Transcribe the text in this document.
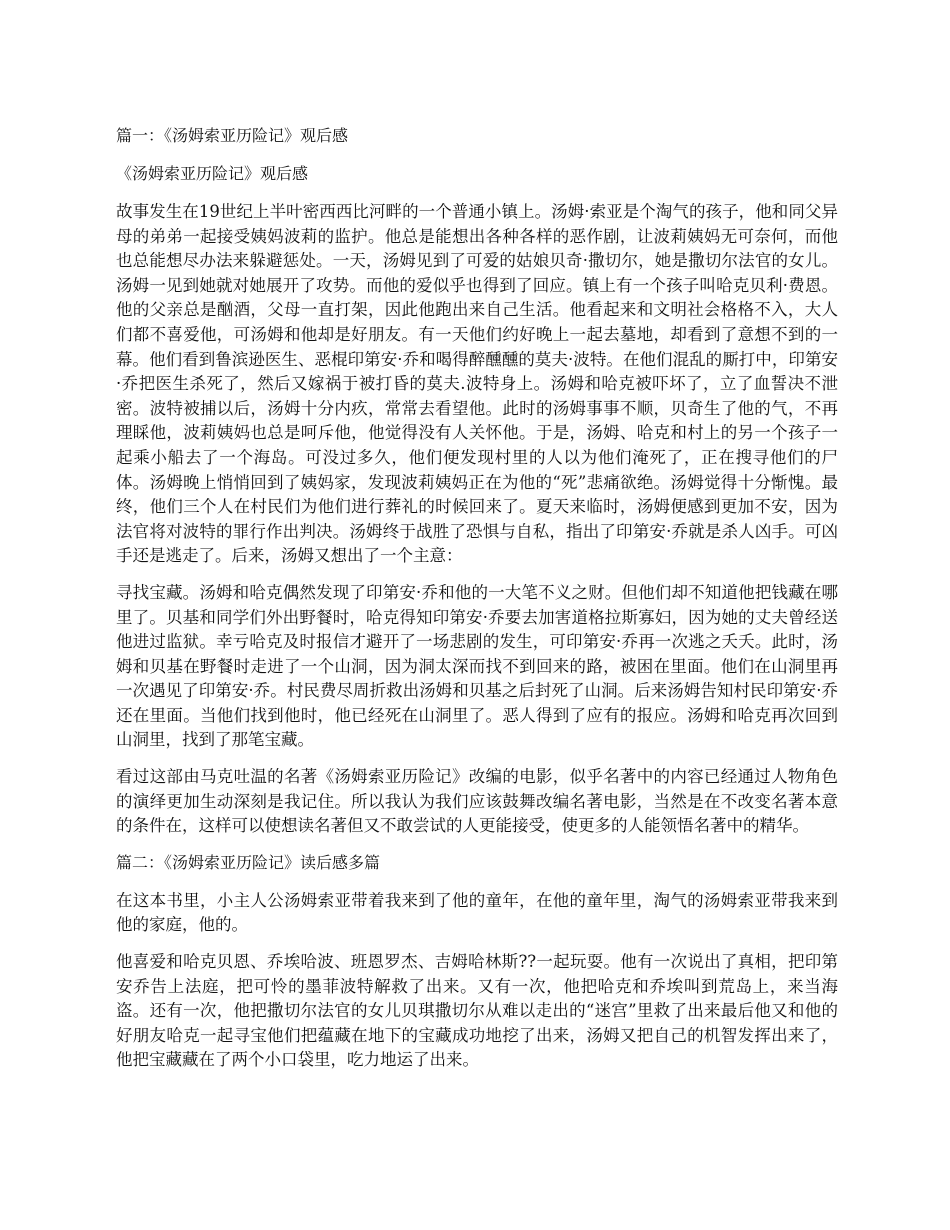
篇一：《汤姆索亚历险记》观后感
《汤姆索亚历险记》观后感
故事发生在19世纪上半叶密西西比河畔的一个普通小镇上。汤姆·索亚是个淘气的孩子，他和同父异母的弟弟一起接受姨妈波莉的监护。他总是能想出各种各样的恶作剧，让波莉姨妈无可奈何，而他也总能想尽办法来躲避惩处。一天，汤姆见到了可爱的姑娘贝奇·撒切尔，她是撒切尔法官的女儿。汤姆一见到她就对她展开了攻势。而他的爱似乎也得到了回应。镇上有一个孩子叫哈克贝利·费恩。他的父亲总是酗酒，父母一直打架，因此他跑出来自己生活。他看起来和文明社会格格不入，大人们都不喜爱他，可汤姆和他却是好朋友。有一天他们约好晚上一起去墓地，却看到了意想不到的一幕。他们看到鲁滨逊医生、恶棍印第安·乔和喝得醉醺醺的莫夫·波特。在他们混乱的厮打中，印第安·乔把医生杀死了，然后又嫁祸于被打昏的莫夫.波特身上。汤姆和哈克被吓坏了，立了血誓决不泄密。波特被捕以后，汤姆十分内疚，常常去看望他。此时的汤姆事事不顺，贝奇生了他的气，不再理睬他，波莉姨妈也总是呵斥他，他觉得没有人关怀他。于是，汤姆、哈克和村上的另一个孩子一起乘小船去了一个海岛。可没过多久，他们便发现村里的人以为他们淹死了，正在搜寻他们的尸体。汤姆晚上悄悄回到了姨妈家，发现波莉姨妈正在为他的“死”悲痛欲绝。汤姆觉得十分惭愧。最终，他们三个人在村民们为他们进行葬礼的时候回来了。夏天来临时，汤姆便感到更加不安，因为法官将对波特的罪行作出判决。汤姆终于战胜了恐惧与自私，指出了印第安·乔就是杀人凶手。可凶手还是逃走了。后来，汤姆又想出了一个主意：
寻找宝藏。汤姆和哈克偶然发现了印第安·乔和他的一大笔不义之财。但他们却不知道他把钱藏在哪里了。贝基和同学们外出野餐时，哈克得知印第安·乔要去加害道格拉斯寡妇，因为她的丈夫曾经送他进过监狱。幸亏哈克及时报信才避开了一场悲剧的发生，可印第安·乔再一次逃之夭夭。此时，汤姆和贝基在野餐时走进了一个山洞，因为洞太深而找不到回来的路，被困在里面。他们在山洞里再一次遇见了印第安·乔。村民费尽周折救出汤姆和贝基之后封死了山洞。后来汤姆告知村民印第安·乔还在里面。当他们找到他时，他已经死在山洞里了。恶人得到了应有的报应。汤姆和哈克再次回到山洞里，找到了那笔宝藏。
看过这部由马克吐温的名著《汤姆索亚历险记》改编的电影，似乎名著中的内容已经通过人物角色的演绎更加生动深刻是我记住。所以我认为我们应该鼓舞改编名著电影，当然是在不改变名著本意的条件在，这样可以使想读名著但又不敢尝试的人更能接受，使更多的人能领悟名著中的精华。
篇二：《汤姆索亚历险记》读后感多篇
在这本书里，小主人公汤姆索亚带着我来到了他的童年，在他的童年里，淘气的汤姆索亚带我来到他的家庭，他的。
他喜爱和哈克贝恩、乔埃哈波、班恩罗杰、吉姆哈林斯??一起玩耍。他有一次说出了真相，把印第安乔告上法庭，把可怜的墨菲波特解救了出来。又有一次，他把哈克和乔埃叫到荒岛上，来当海盗。还有一次，他把撒切尔法官的女儿贝琪撒切尔从难以走出的“迷宫”里救了出来最后他又和他的好朋友哈克一起寻宝他们把蕴藏在地下的宝藏成功地挖了出来，汤姆又把自己的机智发挥出来了，他把宝藏藏在了两个小口袋里，吃力地运了出来。
